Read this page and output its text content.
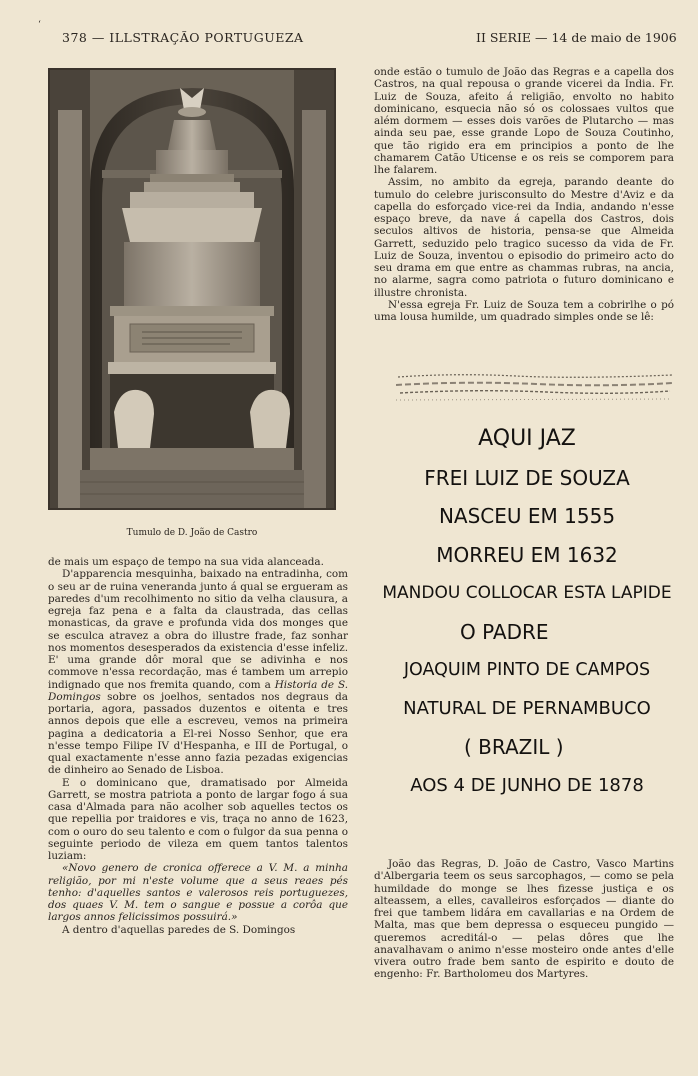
ʻ
378 — ILLSTRAÇÃO PORTUGUEZA	II SERIE — 14 de maio de 1906
Tumulo de D. João de Castro

de mais um espaço de tempo na sua vida alanceada.

D'apparencia mesquinha, baixado na entradinha, com o seu ar de ruina veneranda junto á qual se ergueram as paredes d'um recolhimento no sitio da velha clausura, a egreja faz pena e a falta da claustrada, das cellas monasticas, da grave e profunda vida dos monges que se esculca atravez a obra do illustre frade, faz sonhar nos momentos desesperados da existencia d'esse infeliz. E' uma grande dôr moral que se adivinha e nos commove n'essa recordação, mas é tambem um arrepio indignado que nos fremita quando, com a Historia de S. Domingos sobre os joelhos, sentados nos degraus da portaria, agora, passados duzentos e oitenta e tres annos depois que elle a escreveu, vemos na primeira pagina a dedicatoria a El-rei Nosso Senhor, que era n'esse tempo Filipe IV d'Hespanha, e III de Portugal, o qual exactamente n'esse anno fazia pezadas exigencias de dinheiro ao Senado de Lisboa.

E o dominicano que, dramatisado por Almeida Garrett, se mostra patriota a ponto de largar fogo á sua casa d'Almada para não acolher sob aquelles tectos os que repellia por traidores e vis, traça no anno de 1623, com o ouro do seu talento e com o fulgor da sua penna o seguinte periodo de vileza em quem tantos talentos luziam:

«Novo genero de cronica offerece a V. M. a minha religião, por mi n'este volume que a seus reaes pés tenho: d'aquelles santos e valerosos reis portuguezes, dos quaes V. M. tem o sangue e possue a corôa que largos annos felicissimos possuirá.»

A dentro d'aquellas paredes de S. Domingos

onde estão o tumulo de João das Regras e a capella dos Castros, na qual repousa o grande vicerei da India. Fr. Luiz de Souza, afeito á religião, envolto no habito dominicano, esquecia não só os colossaes vultos que além dormem — esses dois varões de Plutarcho — mas ainda seu pae, esse grande Lopo de Souza Coutinho, que tão rigido era em principios a ponto de lhe chamarem Catão Uticense e os reis se comporem para lhe falarem.

Assim, no ambito da egreja, parando deante do tumulo do celebre jurisconsulto do Mestre d'Aviz e da capella do esforçado vice-rei da India, andando n'esse espaço breve, da nave á capella dos Castros, dois seculos altivos de historia, pensa-se que Almeida Garrett, seduzido pelo tragico sucesso da vida de Fr. Luiz de Souza, inventou o episodio do primeiro acto do seu drama em que entre as chammas rubras, na ancia, no alarme, sagra como patriota o futuro dominicano e illustre chronista.

N'essa egreja Fr. Luiz de Souza tem a cobrirlhe o pó uma lousa humilde, um quadrado simples onde se lê:

AQUI JAZ
FREI LUIZ DE SOUZA
NASCEU EM 1555
MORREU EM 1632
MANDOU COLLOCAR ESTA LAPIDE
O PADRE
JOAQUIM PINTO DE CAMPOS
NATURAL DE PERNAMBUCO
( BRAZIL )
AOS 4 DE JUNHO DE 1878

João das Regras, D. João de Castro, Vasco Martins d'Albergaria teem os seus sarcophagos, — como se pela humildade do monge se lhes fizesse justiça e os alteassem, a elles, cavalleiros esforçados — diante do frei que tambem lidára em cavallarias e na Ordem de Malta, mas que bem depressa o esqueceu pungido — queremos acreditál-o — pelas dôres que lhe anavalhavam o animo n'esse mosteiro onde antes d'elle vivera outro frade bem santo de espirito e douto de engenho: Fr. Bartholomeu dos Martyres.
